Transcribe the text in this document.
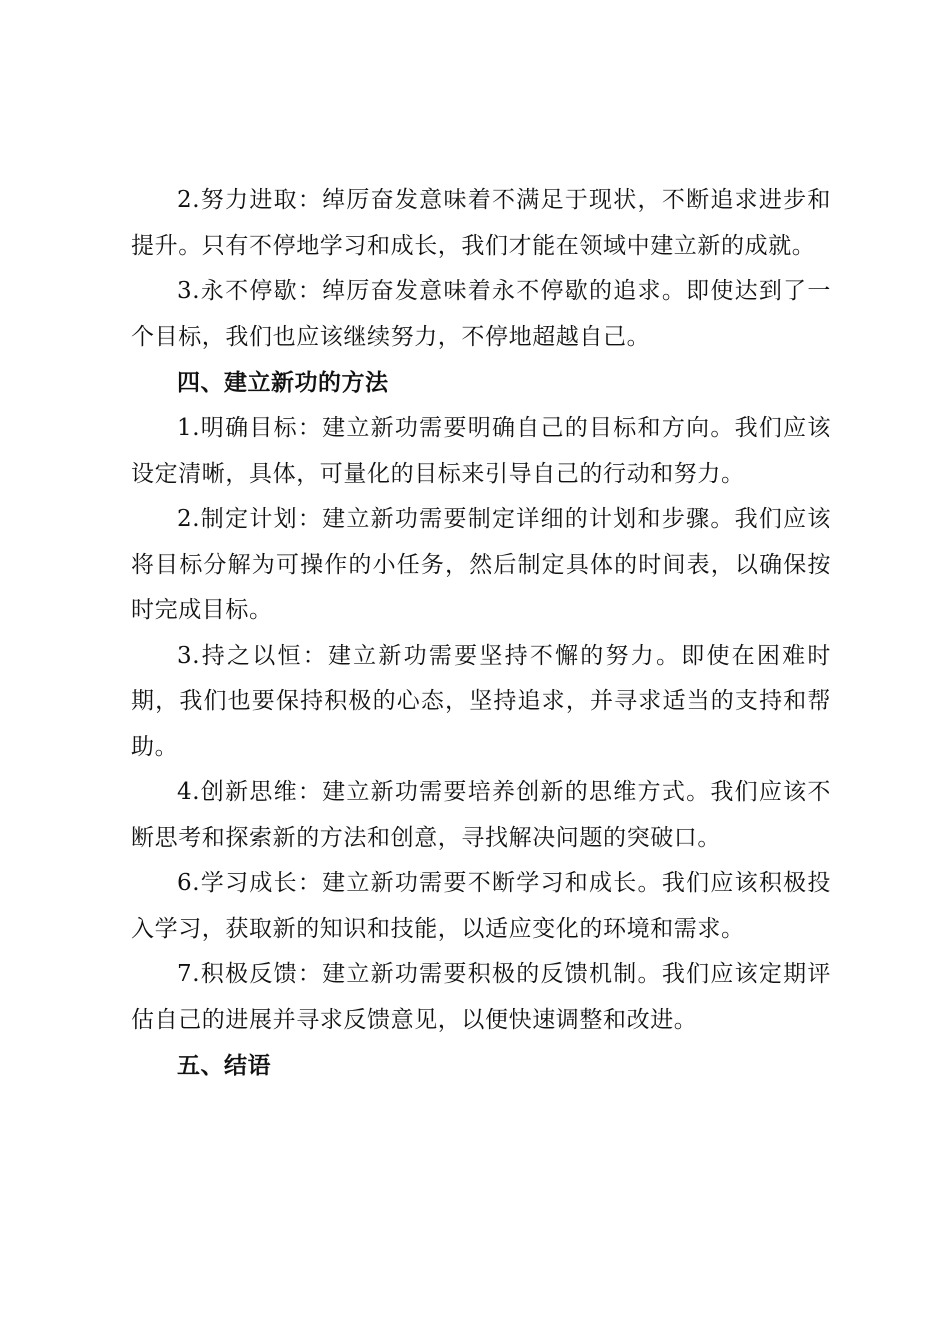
2.努力进取：绰厉奋发意味着不满足于现状，不断追求进步和提升。只有不停地学习和成长，我们才能在领域中建立新的成就。

3.永不停歇：绰厉奋发意味着永不停歇的追求。即使达到了一个目标，我们也应该继续努力，不停地超越自己。

四、建立新功的方法

1.明确目标：建立新功需要明确自己的目标和方向。我们应该设定清晰，具体，可量化的目标来引导自己的行动和努力。

2.制定计划：建立新功需要制定详细的计划和步骤。我们应该将目标分解为可操作的小任务，然后制定具体的时间表，以确保按时完成目标。

3.持之以恒：建立新功需要坚持不懈的努力。即使在困难时期，我们也要保持积极的心态，坚持追求，并寻求适当的支持和帮助。

4.创新思维：建立新功需要培养创新的思维方式。我们应该不断思考和探索新的方法和创意，寻找解决问题的突破口。

6.学习成长：建立新功需要不断学习和成长。我们应该积极投入学习，获取新的知识和技能，以适应变化的环境和需求。

7.积极反馈：建立新功需要积极的反馈机制。我们应该定期评估自己的进展并寻求反馈意见，以便快速调整和改进。

五、结语
